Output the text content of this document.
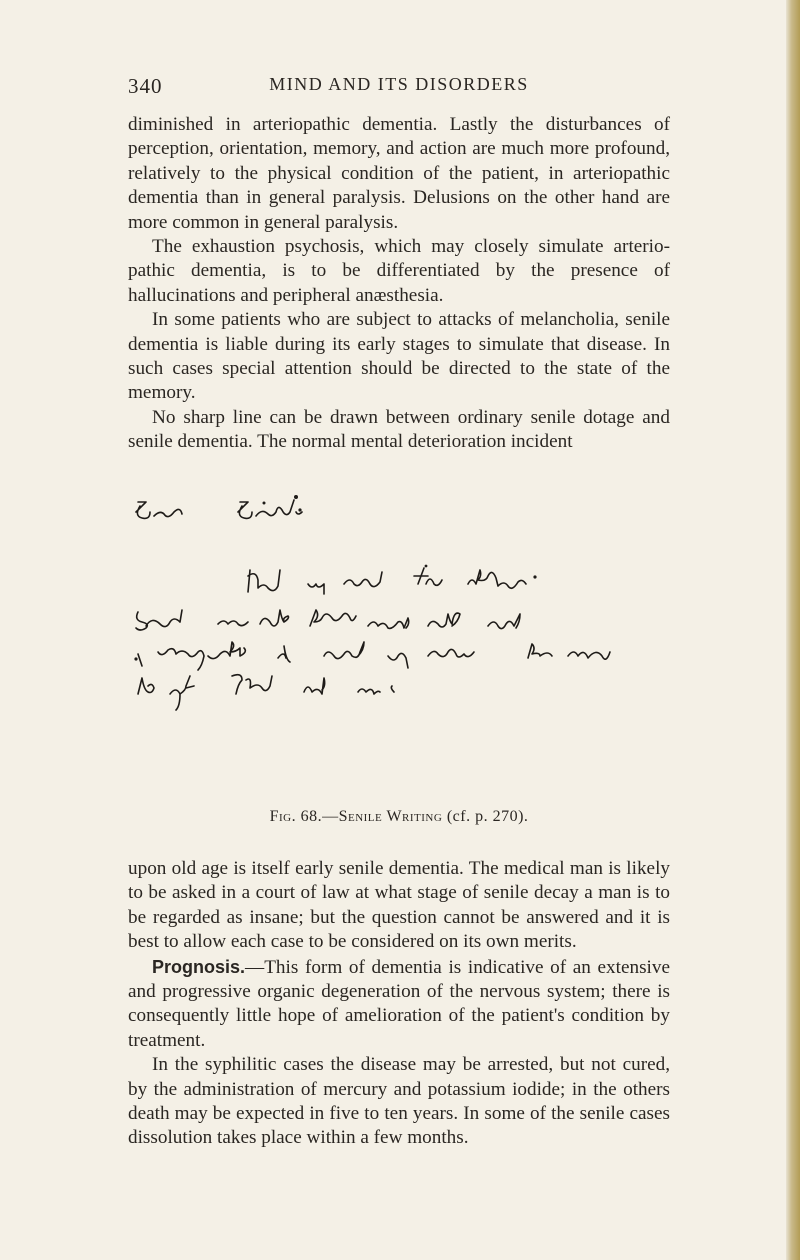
340	MIND AND ITS DISORDERS

diminished in arteriopathic dementia. Lastly the disturbances of perception, orientation, memory, and action are much more profound, relatively to the physical condition of the patient, in arteriopathic dementia than in general paralysis. Delusions on the other hand are more common in general paralysis.

The exhaustion psychosis, which may closely simulate arterio-pathic dementia, is to be differentiated by the presence of hallucinations and peripheral anæsthesia.

In some patients who are subject to attacks of melancholia, senile dementia is liable during its early stages to simulate that disease. In such cases special attention should be directed to the state of the memory.

No sharp line can be drawn between ordinary senile dotage and senile dementia. The normal mental deterioration incident

Fig. 68.—Senile Writing (cf. p. 270).

upon old age is itself early senile dementia. The medical man is likely to be asked in a court of law at what stage of senile decay a man is to be regarded as insane; but the question cannot be answered and it is best to allow each case to be considered on its own merits.

Prognosis.—This form of dementia is indicative of an extensive and progressive organic degeneration of the nervous system; there is consequently little hope of amelioration of the patient's condition by treatment.

In the syphilitic cases the disease may be arrested, but not cured, by the administration of mercury and potassium iodide; in the others death may be expected in five to ten years. In some of the senile cases dissolution takes place within a few months.
